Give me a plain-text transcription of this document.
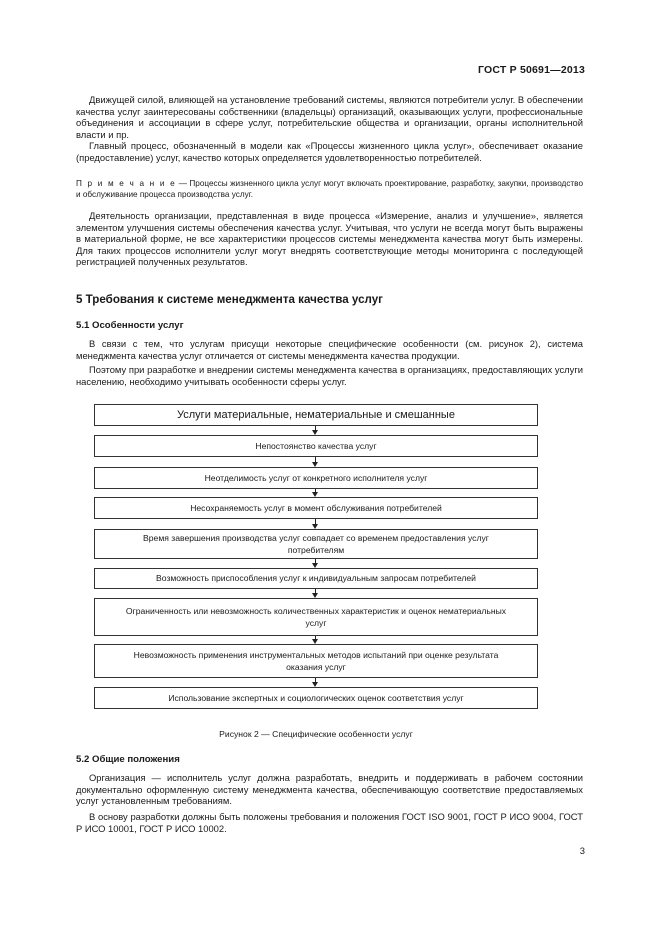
ГОСТ Р 50691—2013
Движущей силой, влияющей на установление требований системы, являются потребители услуг. В обеспечении качества услуг заинтересованы собственники (владельцы) организаций, оказывающих услуги, профессиональные объединения и ассоциации в сфере услуг, потребительские общества и организации, органы исполнительной власти и пр.
Главный процесс, обозначенный в модели как «Процессы жизненного цикла услуг», обеспечивает оказание (предоставление) услуг, качество которых определяется удовлетворенностью потребителей.
П р и м е ч а н и е — Процессы жизненного цикла услуг могут включать проектирование, разработку, закупки, производство и обслуживание процесса производства услуг.
Деятельность организации, представленная в виде процесса «Измерение, анализ и улучшение», является элементом улучшения системы обеспечения качества услуг. Учитывая, что услуги не всегда могут быть выражены в материальной форме, не все характеристики процессов системы менеджмента качества могут быть измерены. Для таких процессов исполнители услуг могут внедрять соответствующие методы мониторинга с последующей регистрацией полученных результатов.
5 Требования к системе менеджмента качества услуг
5.1 Особенности услуг
В связи с тем, что услугам присущи некоторые специфические особенности (см. рисунок 2), система менеджмента качества услуг отличается от системы менеджмента качества продукции.
Поэтому при разработке и внедрении системы менеджмента качества в организациях, предоставляющих услуги населению, необходимо учитывать особенности сферы услуг.
Услуги материальные, нематериальные и смешанные
Непостоянство качества услуг
Неотделимость услуг от конкретного исполнителя услуг
Несохраняемость услуг в момент обслуживания потребителей
Время завершения производства услуг совпадает со временем предоставления услуг потребителям
Возможность приспособления услуг к индивидуальным запросам потребителей
Ограниченность или невозможность количественных характеристик и оценок нематериальных услуг
Невозможность применения инструментальных методов испытаний при оценке результата оказания услуг
Использование экспертных и социологических оценок соответствия услуг
Рисунок 2 — Специфические особенности услуг
5.2 Общие положения
Организация — исполнитель услуг должна разработать, внедрить и поддерживать в рабочем состоянии документально оформленную систему менеджмента качества, обеспечивающую соответствие предоставляемых услуг установленным требованиям.
В основу разработки должны быть положены требования и положения ГОСТ ISO 9001, ГОСТ Р ИСО 9004, ГОСТ Р ИСО 10001, ГОСТ Р ИСО 10002.
3
